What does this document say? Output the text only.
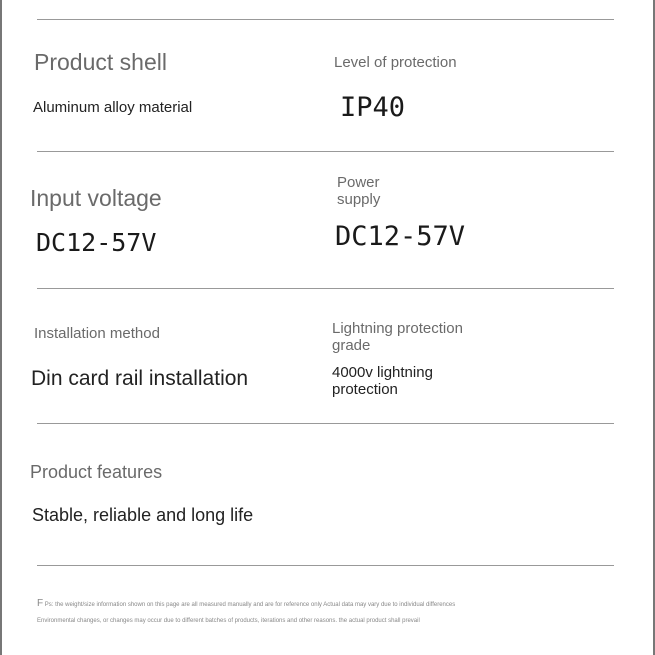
Product shell
Aluminum alloy material
Level of protection
IP40
Input voltage
DC12-57V
Power supply
DC12-57V
Installation method
Din card rail installation
Lightning protection grade
4000v lightning protection
Product features
Stable, reliable and long life
F Ps: the weight/size information shown on this page are all measured manually and are for reference only Actual data may vary due to individual differences
Environmental changes, or changes may occur due to different batches of products, iterations and other reasons. the actual product shall prevail
